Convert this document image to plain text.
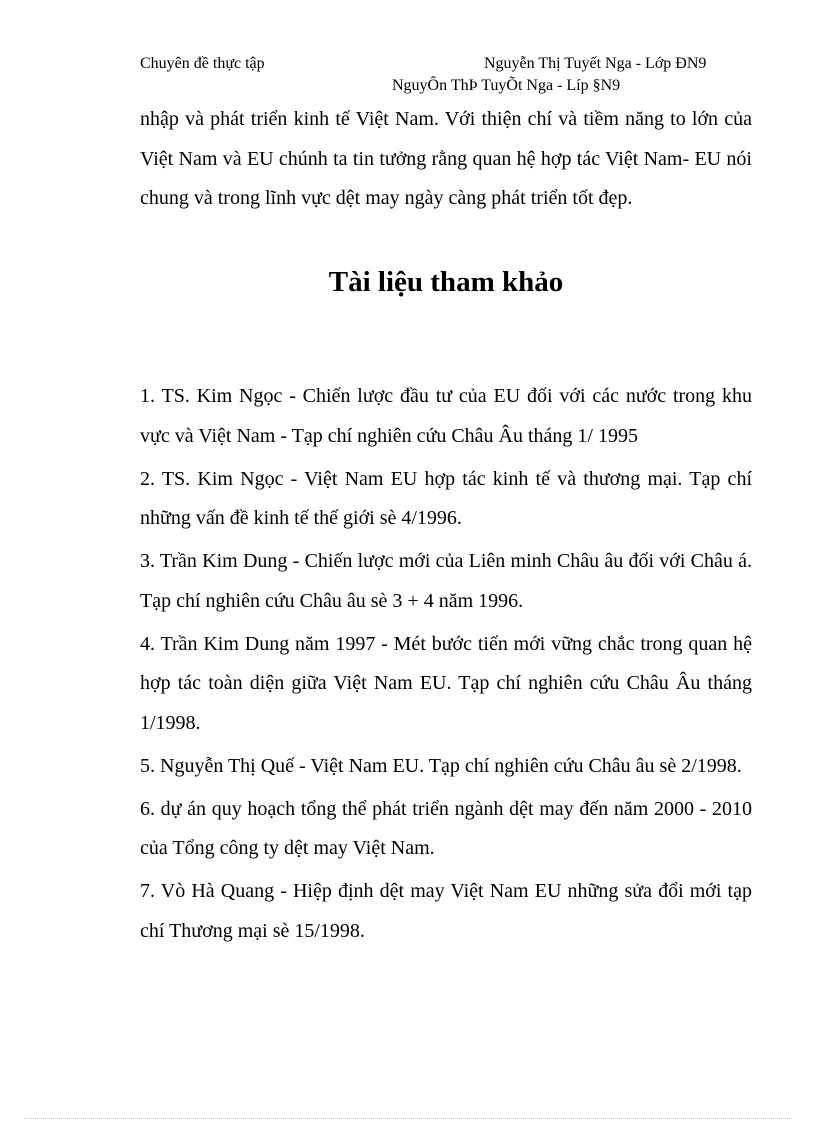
Chuyên đề thực tập	Nguyễn Thị Tuyết Nga - Lớp ĐN9
NguyÔn ThÞ TuyÕt Nga - Líp §N9

nhập và phát triển kinh tế Việt Nam. Với thiện chí và tiềm năng to lớn của Việt Nam và EU chúnh ta tin tưởng rằng quan hệ hợp tác Việt Nam- EU nói chung và trong lĩnh vực dệt may ngày càng phát triển tốt đẹp.

Tài liệu tham khảo
1. TS. Kim Ngọc - Chiến lược đầu tư của EU đối với các nước trong khu vực và Việt Nam - Tạp chí nghiên cứu Châu Âu tháng 1/ 1995
2. TS. Kim Ngọc - Việt Nam EU hợp tác kinh tế và thương mại. Tạp chí những vấn đề kinh tế thế giới sè 4/1996.
3. Trần Kim Dung - Chiến lược mới của Liên minh Châu âu đối với Châu á. Tạp chí nghiên cứu Châu âu sè 3 + 4 năm 1996.
4. Trần Kim Dung năm 1997 - Mét bước tiến mới vững chắc trong quan hệ hợp tác toàn diện giữa Việt Nam EU. Tạp chí nghiên cứu Châu Âu tháng 1/1998.
5. Nguyễn Thị Quế - Việt Nam EU. Tạp chí nghiên cứu Châu âu sè 2/1998.
6. dự án quy hoạch tổng thể phát triển ngành dệt may đến năm 2000 - 2010 của Tổng công ty dệt may Việt Nam.
7. Vò Hà Quang - Hiệp định dệt may Việt Nam EU những sửa đổi mới tạp chí Thương mại sè 15/1998.
